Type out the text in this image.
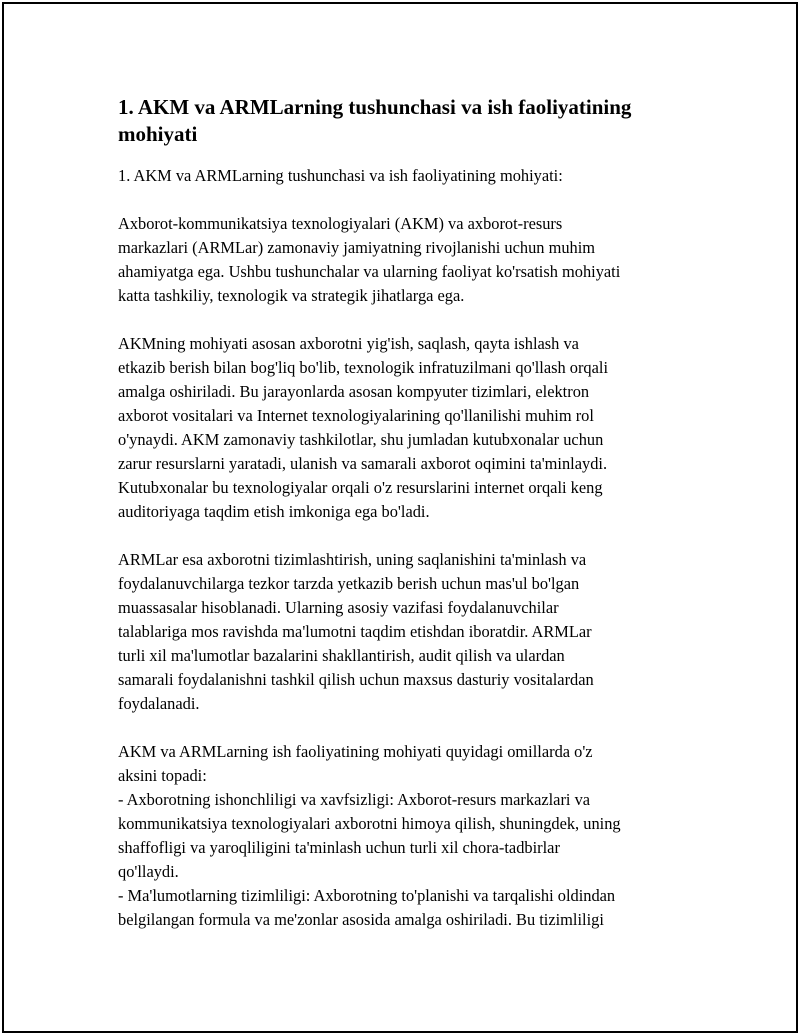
1. AKM va ARMLarning tushunchasi va ish faoliyatining
mohiyati

1. AKM va ARMLarning tushunchasi va ish faoliyatining mohiyati:

Axborot-kommunikatsiya texnologiyalari (AKM) va axborot-resurs
markazlari (ARMLar) zamonaviy jamiyatning rivojlanishi uchun muhim
ahamiyatga ega. Ushbu tushunchalar va ularning faoliyat ko'rsatish mohiyati
katta tashkiliy, texnologik va strategik jihatlarga ega.

AKMning mohiyati asosan axborotni yig'ish, saqlash, qayta ishlash va
etkazib berish bilan bog'liq bo'lib, texnologik infratuzilmani qo'llash orqali
amalga oshiriladi. Bu jarayonlarda asosan kompyuter tizimlari, elektron
axborot vositalari va Internet texnologiyalarining qo'llanilishi muhim rol
o'ynaydi. AKM zamonaviy tashkilotlar, shu jumladan kutubxonalar uchun
zarur resurslarni yaratadi, ulanish va samarali axborot oqimini ta'minlaydi.
Kutubxonalar bu texnologiyalar orqali o'z resurslarini internet orqali keng
auditoriyaga taqdim etish imkoniga ega bo'ladi.

ARMLar esa axborotni tizimlashtirish, uning saqlanishini ta'minlash va
foydalanuvchilarga tezkor tarzda yetkazib berish uchun mas'ul bo'lgan
muassasalar hisoblanadi. Ularning asosiy vazifasi foydalanuvchilar
talablariga mos ravishda ma'lumotni taqdim etishdan iboratdir. ARMLar
turli xil ma'lumotlar bazalarini shakllantirish, audit qilish va ulardan
samarali foydalanishni tashkil qilish uchun maxsus dasturiy vositalardan
foydalanadi.

AKM va ARMLarning ish faoliyatining mohiyati quyidagi omillarda o'z
aksini topadi:
- Axborotning ishonchliligi va xavfsizligi: Axborot-resurs markazlari va
kommunikatsiya texnologiyalari axborotni himoya qilish, shuningdek, uning
shaffofligi va yaroqliligini ta'minlash uchun turli xil chora-tadbirlar
qo'llaydi.
- Ma'lumotlarning tizimliligi: Axborotning to'planishi va tarqalishi oldindan
belgilangan formula va me'zonlar asosida amalga oshiriladi. Bu tizimliligi
